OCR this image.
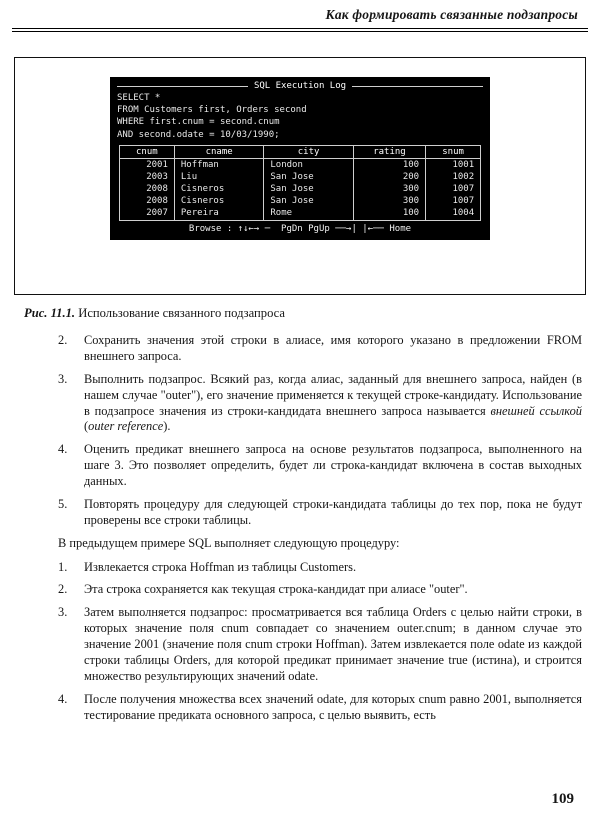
Как формировать связанные подзапросы
SQL Execution Log
SELECT *
FROM Customers first, Orders second
WHERE first.cnum = second.cnum
AND second.odate = 10/03/1990;
cnum	cname	city	rating	snum
2001	Hoffman	London	100	1001
2003	Liu	San Jose	200	1002
2008	Cisneros	San Jose	300	1007
2008	Cisneros	San Jose	300	1007
2007	Pereira	Rome	100	1004
Browse : ↑↓←→ ─  PgDn PgUp ──→| |←── Home
Рис. 11.1. Использование связанного подзапроса
2.	Сохранить значения этой строки в алиасе, имя которого указано в предложении FROM внешнего запроса.
3.	Выполнить подзапрос. Всякий раз, когда алиас, заданный для внешнего запроса, найден (в нашем случае "outer"), его значение применяется к текущей строке-кандидату. Использование в подзапросе значения из строки-кандидата внешнего запроса называется внешней ссылкой (outer reference).
4.	Оценить предикат внешнего запроса на основе результатов подзапроса, выполненного на шаге 3. Это позволяет определить, будет ли строка-кандидат включена в состав выходных данных.
5.	Повторять процедуру для следующей строки-кандидата таблицы до тех пор, пока не будут проверены все строки таблицы.

В предыдущем примере SQL выполняет следующую процедуру:

1.	Извлекается строка Hoffman из таблицы Customers.
2.	Эта строка сохраняется как текущая строка-кандидат при алиасе "outer".
3.	Затем выполняется подзапрос: просматривается вся таблица Orders с целью найти строки, в которых значение поля cnum совпадает со значением outer.cnum; в данном случае это значение 2001 (значение поля cnum строки Hoffman). Затем извлекается поле odate из каждой строки таблицы Orders, для которой предикат принимает значение true (истина), и строится множество результирующих значений odate.
4.	После получения множества всех значений odate, для которых cnum равно 2001, выполняется тестирование предиката основного запроса, с целью выявить, есть
109
